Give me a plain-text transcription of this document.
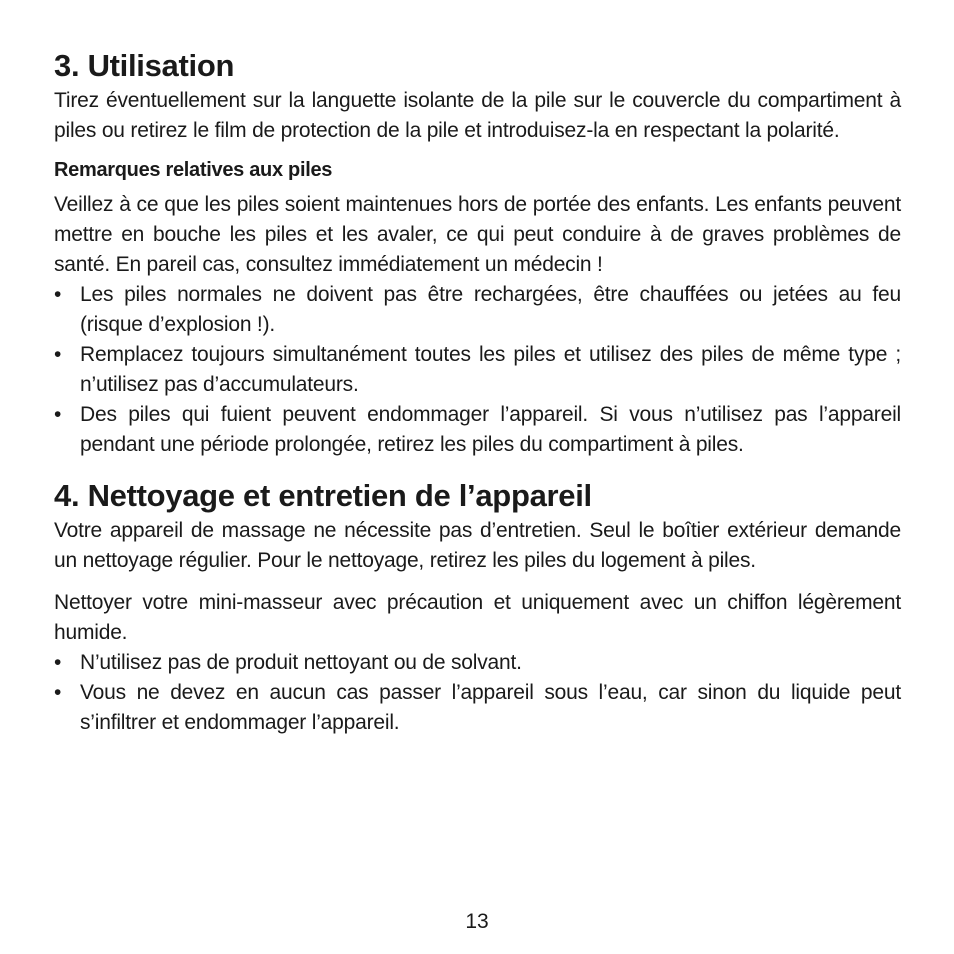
3. Utilisation

Tirez éventuellement sur la languette isolante de la pile sur le couvercle du compartiment à piles ou retirez le film de protection de la pile et introduisez-la en respectant la polarité.

Remarques relatives aux piles

Veillez à ce que les piles soient maintenues hors de portée des enfants. Les enfants peuvent mettre en bouche les piles et les avaler, ce qui peut conduire à de graves problèmes de santé. En pareil cas, consultez immédiatement un médecin !

• Les piles normales ne doivent pas être rechargées, être chauffées ou jetées au feu (risque d’explosion !).
• Remplacez toujours simultanément toutes les piles et utilisez des piles de même type ; n’utilisez pas d’accumulateurs.
• Des piles qui fuient peuvent endommager l’appareil. Si vous n’utilisez pas l’appareil pendant une période prolongée, retirez les piles du compartiment à piles.
4. Nettoyage et entretien de l’appareil

Votre appareil de massage ne nécessite pas d’entretien. Seul le boîtier extérieur demande un nettoyage régulier. Pour le nettoyage, retirez les piles du logement à piles.

Nettoyer votre mini-masseur avec précaution et uniquement avec un chiffon légèrement humide.

• N’utilisez pas de produit nettoyant ou de solvant.
• Vous ne devez en aucun cas passer l’appareil sous l’eau, car sinon du liquide peut s’infiltrer et endommager l’appareil.
13
